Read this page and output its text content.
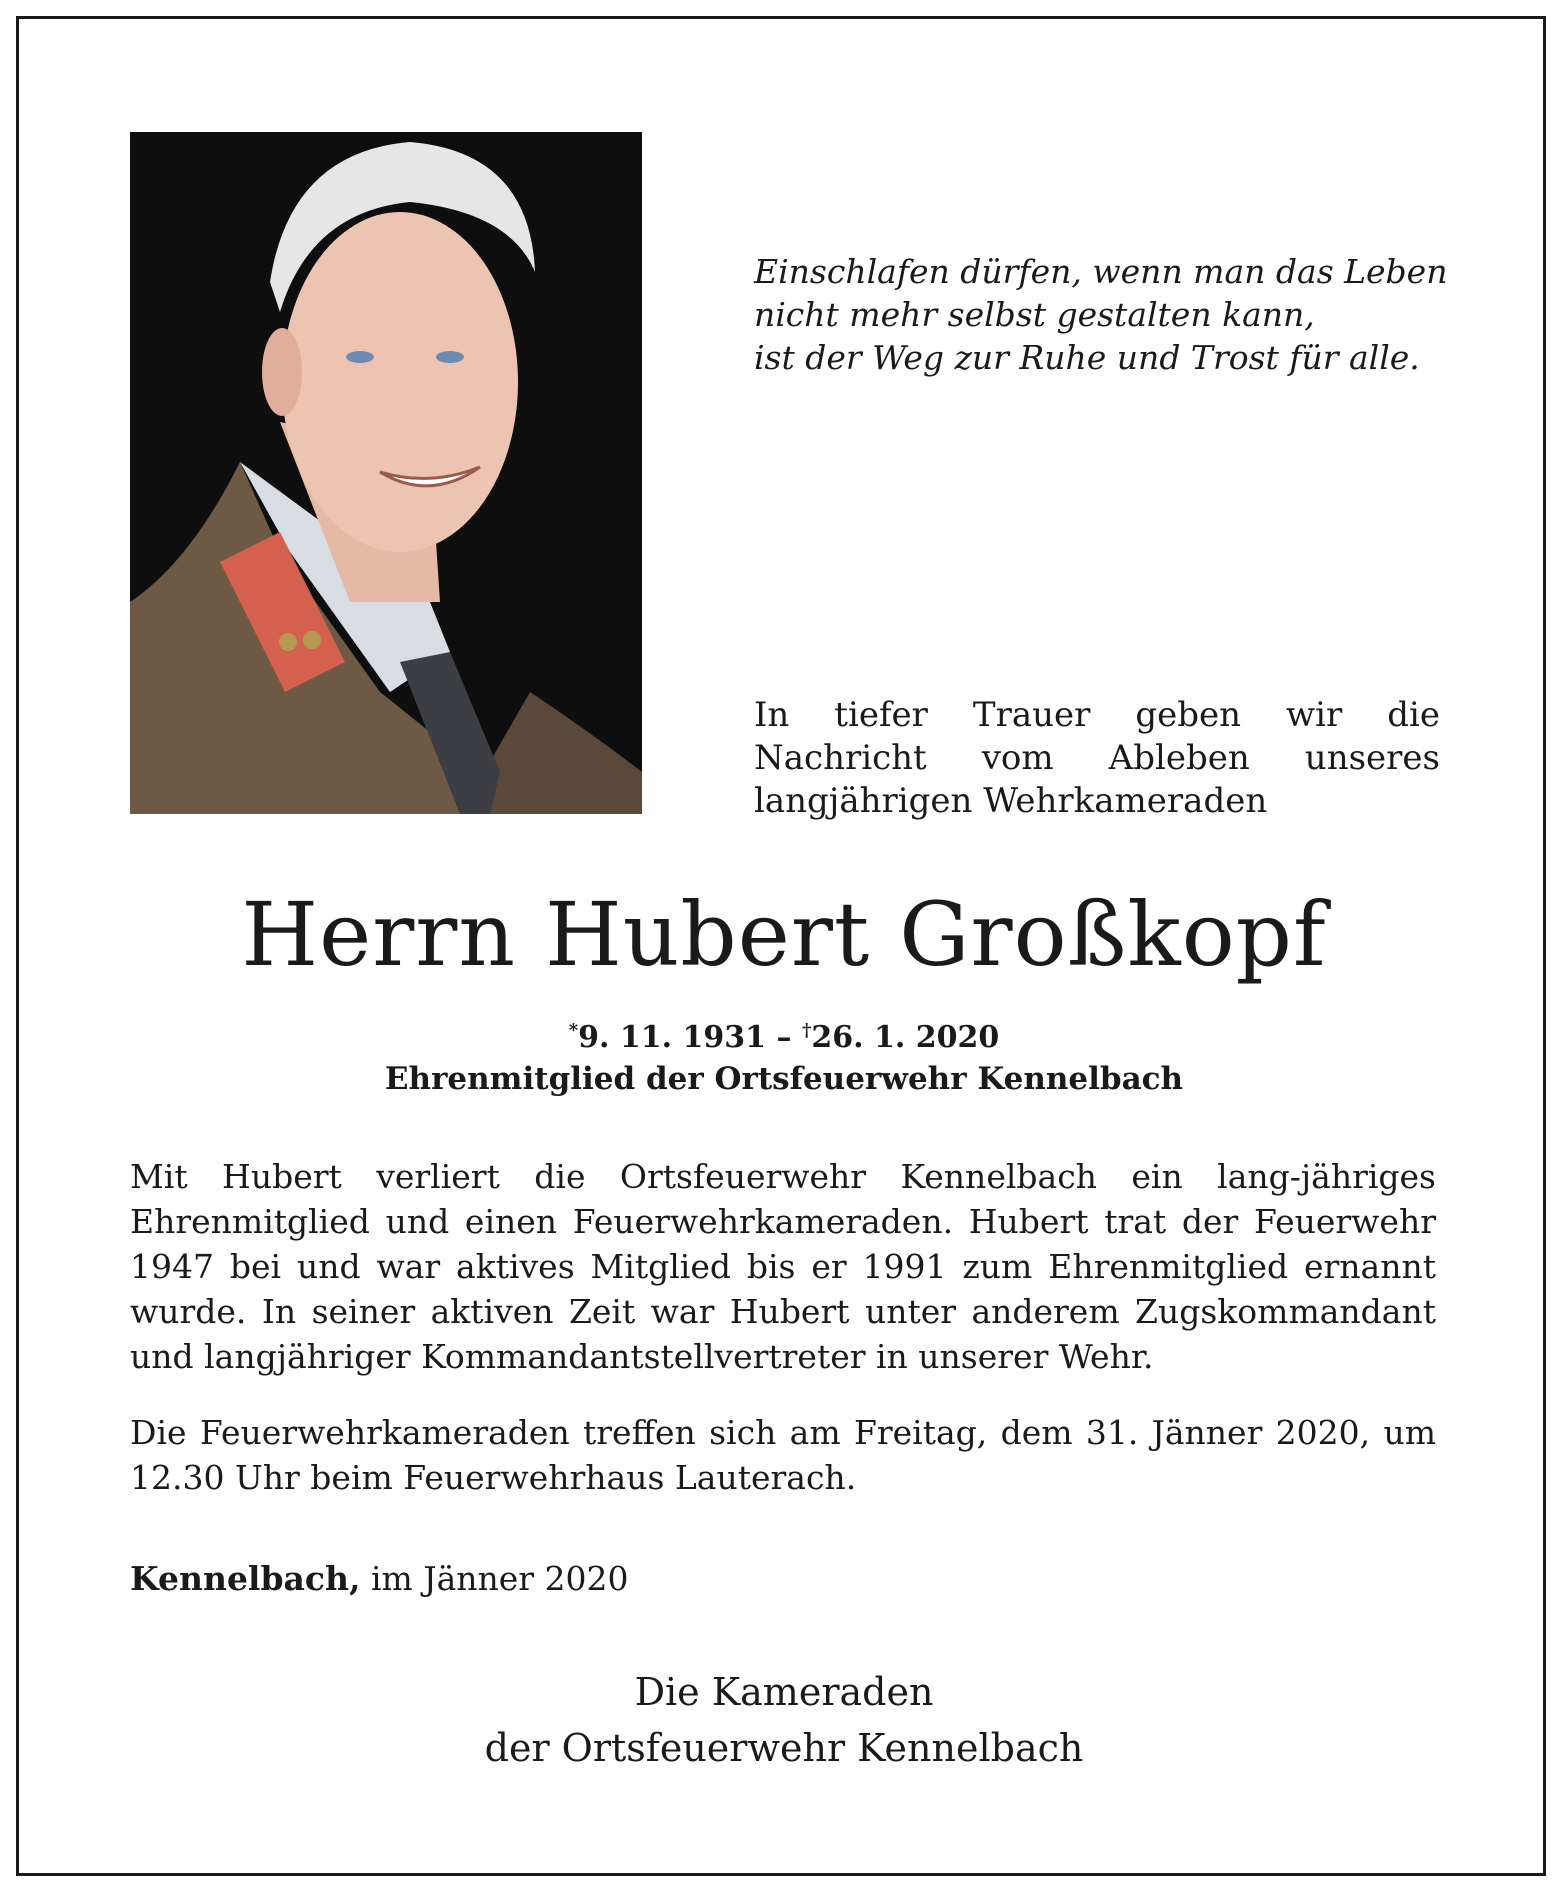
Einschlafen dürfen, wenn man das Leben
nicht mehr selbst gestalten kann,
ist der Weg zur Ruhe und Trost für alle.
In tiefer Trauer geben wir die Nachricht vom Ableben unseres langjährigen Wehrkameraden
Herrn Hubert Großkopf
*9. 11. 1931 – †26. 1. 2020
Ehrenmitglied der Ortsfeuerwehr Kennelbach
Mit Hubert verliert die Ortsfeuerwehr Kennelbach ein lang-jähriges Ehrenmitglied und einen Feuerwehrkameraden. Hubert trat der Feuerwehr 1947 bei und war aktives Mitglied bis er 1991 zum Ehrenmitglied ernannt wurde. In seiner aktiven Zeit war Hubert unter anderem Zugskommandant und langjähriger Kommandantstellvertreter in unserer Wehr.
Die Feuerwehrkameraden treffen sich am Freitag, dem 31. Jänner 2020, um 12.30 Uhr beim Feuerwehrhaus Lauterach.
Kennelbach, im Jänner 2020
Die Kameraden
der Ortsfeuerwehr Kennelbach
